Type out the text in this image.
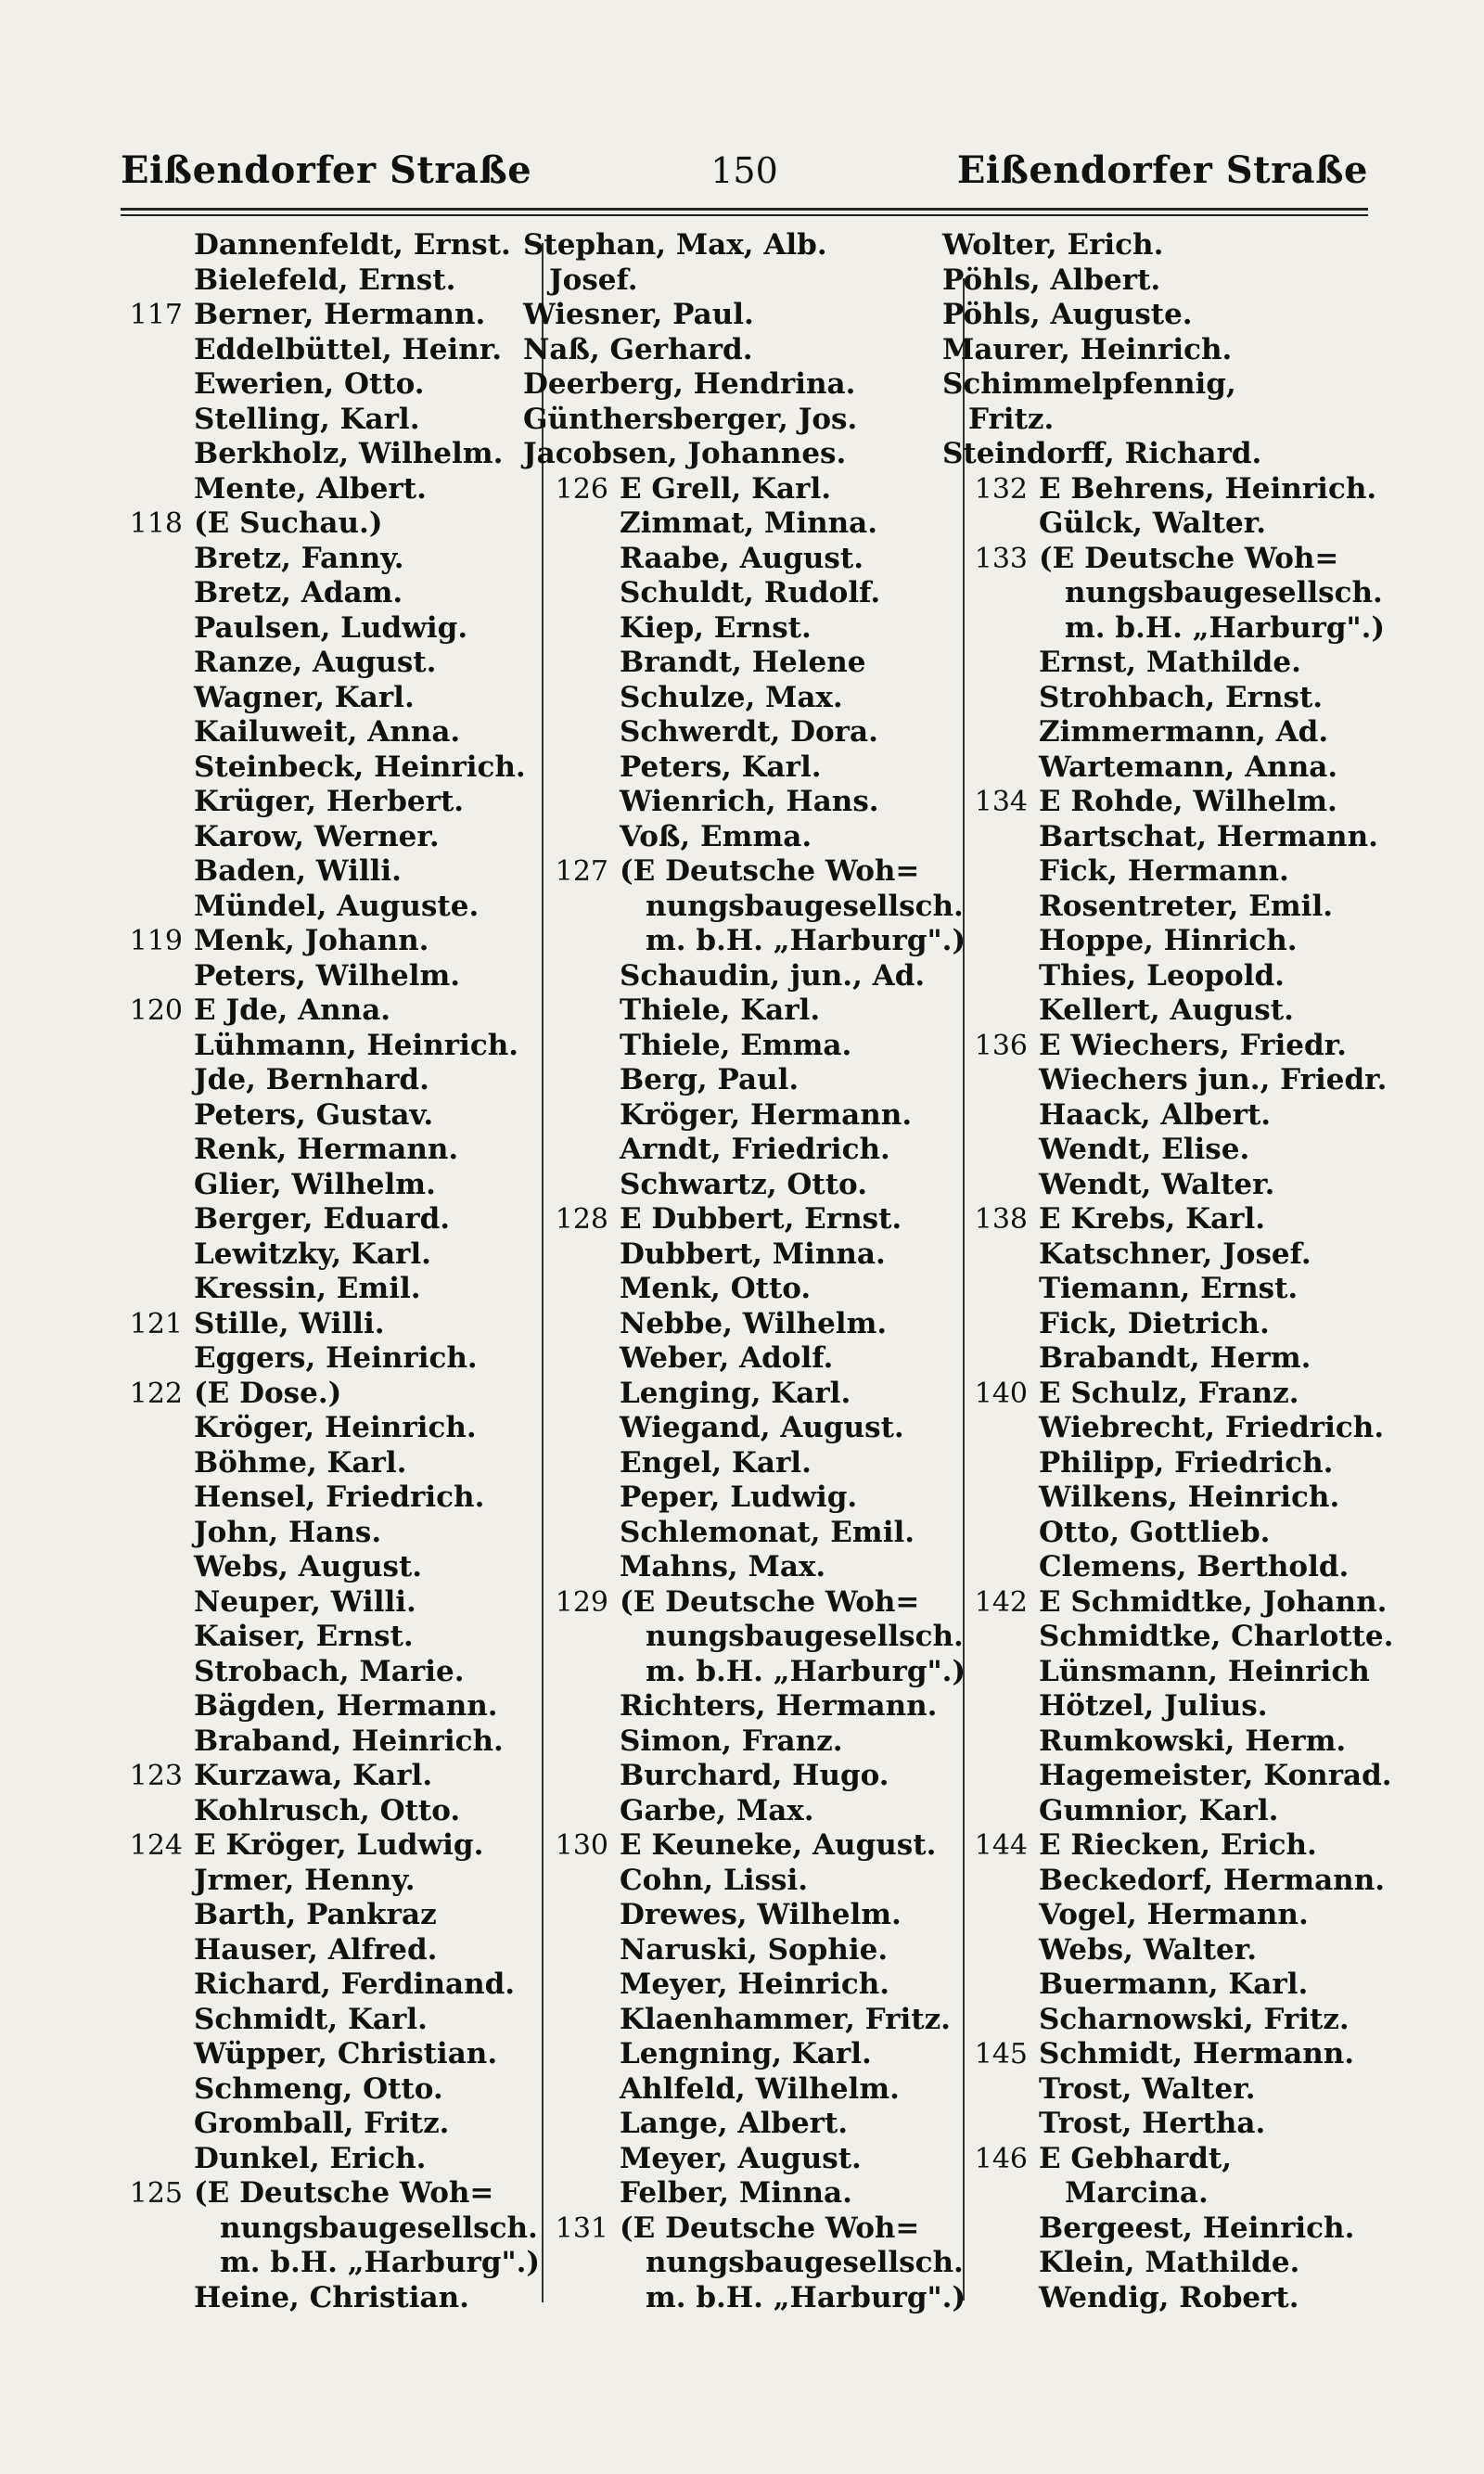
Eißendorfer Straße	150	Eißendorfer Straße
Dannenfeldt, Ernst.
Bielefeld, Ernst.
117 Berner, Hermann.
Eddelbüttel, Heinr.
Ewerien, Otto.
Stelling, Karl.
Berkholz, Wilhelm.
Mente, Albert.
118 (E Suchau.)
Bretz, Fanny.
Bretz, Adam.
Paulsen, Ludwig.
Ranze, August.
Wagner, Karl.
Kailuweit, Anna.
Steinbeck, Heinrich.
Krüger, Herbert.
Karow, Werner.
Baden, Willi.
Mündel, Auguste.
119 Menk, Johann.
Peters, Wilhelm.
120 E Jde, Anna.
Lühmann, Heinrich.
Jde, Bernhard.
Peters, Gustav.
Renk, Hermann.
Glier, Wilhelm.
Berger, Eduard.
Lewitzky, Karl.
Kressin, Emil.
121 Stille, Willi.
Eggers, Heinrich.
122 (E Dose.)
Kröger, Heinrich.
Böhme, Karl.
Hensel, Friedrich.
John, Hans.
Webs, August.
Neuper, Willi.
Kaiser, Ernst.
Strobach, Marie.
Bägden, Hermann.
Braband, Heinrich.
123 Kurzawa, Karl.
Kohlrusch, Otto.
124 E Kröger, Ludwig.
Jrmer, Henny.
Barth, Pankraz
Hauser, Alfred.
Richard, Ferdinand.
Schmidt, Karl.
Wüpper, Christian.
Schmeng, Otto.
Gromball, Fritz.
Dunkel, Erich.
125 (E Deutsche Woh=
nungsbaugesellsch.
m. b.H. „Harburg".)
Heine, Christian.
Stephan, Max, Alb.
Josef.
Wiesner, Paul.
Naß, Gerhard.
Deerberg, Hendrina.
Günthersberger, Jos.
Jacobsen, Johannes.
126 E Grell, Karl.
Zimmat, Minna.
Raabe, August.
Schuldt, Rudolf.
Kiep, Ernst.
Brandt, Helene
Schulze, Max.
Schwerdt, Dora.
Peters, Karl.
Wienrich, Hans.
Voß, Emma.
127 (E Deutsche Woh=
nungsbaugesellsch.
m. b.H. „Harburg".)
Schaudin, jun., Ad.
Thiele, Karl.
Thiele, Emma.
Berg, Paul.
Kröger, Hermann.
Arndt, Friedrich.
Schwartz, Otto.
128 E Dubbert, Ernst.
Dubbert, Minna.
Menk, Otto.
Nebbe, Wilhelm.
Weber, Adolf.
Lenging, Karl.
Wiegand, August.
Engel, Karl.
Peper, Ludwig.
Schlemonat, Emil.
Mahns, Max.
129 (E Deutsche Woh=
nungsbaugesellsch.
m. b.H. „Harburg".)
Richters, Hermann.
Simon, Franz.
Burchard, Hugo.
Garbe, Max.
130 E Keuneke, August.
Cohn, Lissi.
Drewes, Wilhelm.
Naruski, Sophie.
Meyer, Heinrich.
Klaenhammer, Fritz.
Lengning, Karl.
Ahlfeld, Wilhelm.
Lange, Albert.
Meyer, August.
Felber, Minna.
131 (E Deutsche Woh=
nungsbaugesellsch.
m. b.H. „Harburg".)
Wolter, Erich.
Pöhls, Albert.
Pöhls, Auguste.
Maurer, Heinrich.
Schimmelpfennig,
Fritz.
Steindorff, Richard.
132 E Behrens, Heinrich.
Gülck, Walter.
133 (E Deutsche Woh=
nungsbaugesellsch.
m. b.H. „Harburg".)
Ernst, Mathilde.
Strohbach, Ernst.
Zimmermann, Ad.
Wartemann, Anna.
134 E Rohde, Wilhelm.
Bartschat, Hermann.
Fick, Hermann.
Rosentreter, Emil.
Hoppe, Hinrich.
Thies, Leopold.
Kellert, August.
136 E Wiechers, Friedr.
Wiechers jun., Friedr.
Haack, Albert.
Wendt, Elise.
Wendt, Walter.
138 E Krebs, Karl.
Katschner, Josef.
Tiemann, Ernst.
Fick, Dietrich.
Brabandt, Herm.
140 E Schulz, Franz.
Wiebrecht, Friedrich.
Philipp, Friedrich.
Wilkens, Heinrich.
Otto, Gottlieb.
Clemens, Berthold.
142 E Schmidtke, Johann.
Schmidtke, Charlotte.
Lünsmann, Heinrich
Hötzel, Julius.
Rumkowski, Herm.
Hagemeister, Konrad.
Gumnior, Karl.
144 E Riecken, Erich.
Beckedorf, Hermann.
Vogel, Hermann.
Webs, Walter.
Buermann, Karl.
Scharnowski, Fritz.
145 Schmidt, Hermann.
Trost, Walter.
Trost, Hertha.
146 E Gebhardt,
Marcina.
Bergeest, Heinrich.
Klein, Mathilde.
Wendig, Robert.
